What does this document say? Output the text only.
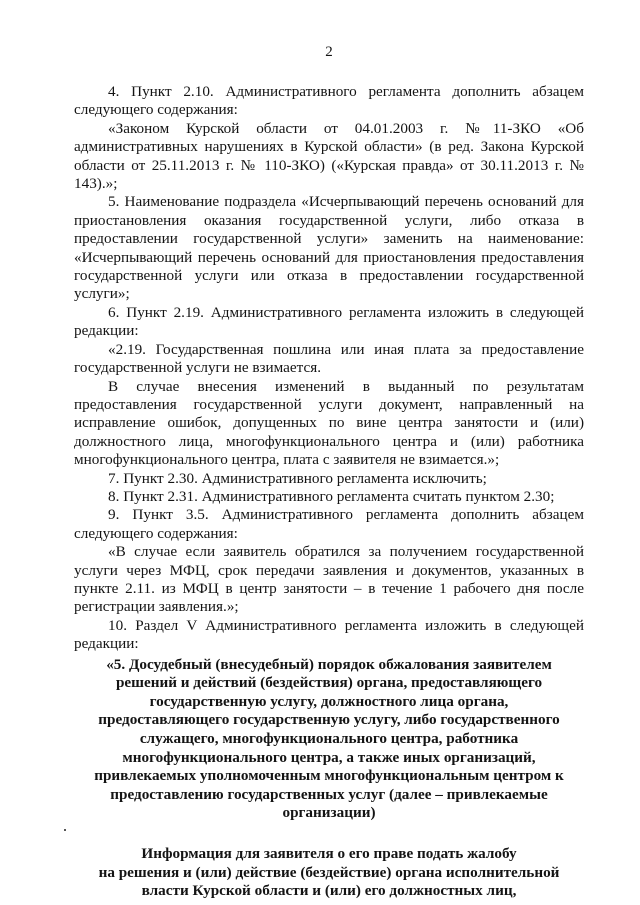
2

4. Пункт 2.10. Административного регламента дополнить абзацем следующего содержания:

«Законом Курской области от 04.01.2003 г. №11-ЗКО «Об административных нарушениях в Курской области» (в ред. Закона Курской области от 25.11.2013 г. № 110-ЗКО) («Курская правда» от 30.11.2013 г. № 143).»;

5. Наименование подраздела «Исчерпывающий перечень оснований для приостановления оказания государственной услуги, либо отказа в предоставлении государственной услуги» заменить на наименование: «Исчерпывающий перечень оснований для приостановления предоставления государственной услуги или отказа в предоставлении государственной услуги»;

6. Пункт 2.19. Административного регламента изложить в следующей редакции:

«2.19. Государственная пошлина или иная плата за предоставление государственной услуги не взимается.

В случае внесения изменений в выданный по результатам предоставления государственной услуги документ, направленный на исправление ошибок, допущенных по вине центра занятости и (или) должностного лица, многофункционального центра и (или) работника многофункционального центра, плата с заявителя не взимается.»;

7. Пункт 2.30. Административного регламента исключить;

8. Пункт 2.31. Административного регламента считать пунктом 2.30;

9. Пункт 3.5. Административного регламента дополнить абзацем следующего содержания:

«В случае если заявитель обратился за получением государственной услуги через МФЦ, срок передачи заявления и документов, указанных в пункте 2.11. из МФЦ в центр занятости – в течение 1 рабочего дня после регистрации заявления.»;

10. Раздел V Административного регламента изложить в следующей редакции:

«5. Досудебный (внесудебный) порядок обжалования заявителем
решений и действий (бездействия) органа, предоставляющего
государственную услугу, должностного лица органа,
предоставляющего государственную услугу, либо государственного
служащего, многофункционального центра, работника
многофункционального центра, а также иных организаций,
привлекаемых уполномоченным многофункциональным центром к
предоставлению государственных услуг (далее – привлекаемые
организации)
Информация для заявителя о его праве подать жалобу
на решения и (или) действие (бездействие) органа исполнительной
власти Курской области и (или) его должностных лиц,
